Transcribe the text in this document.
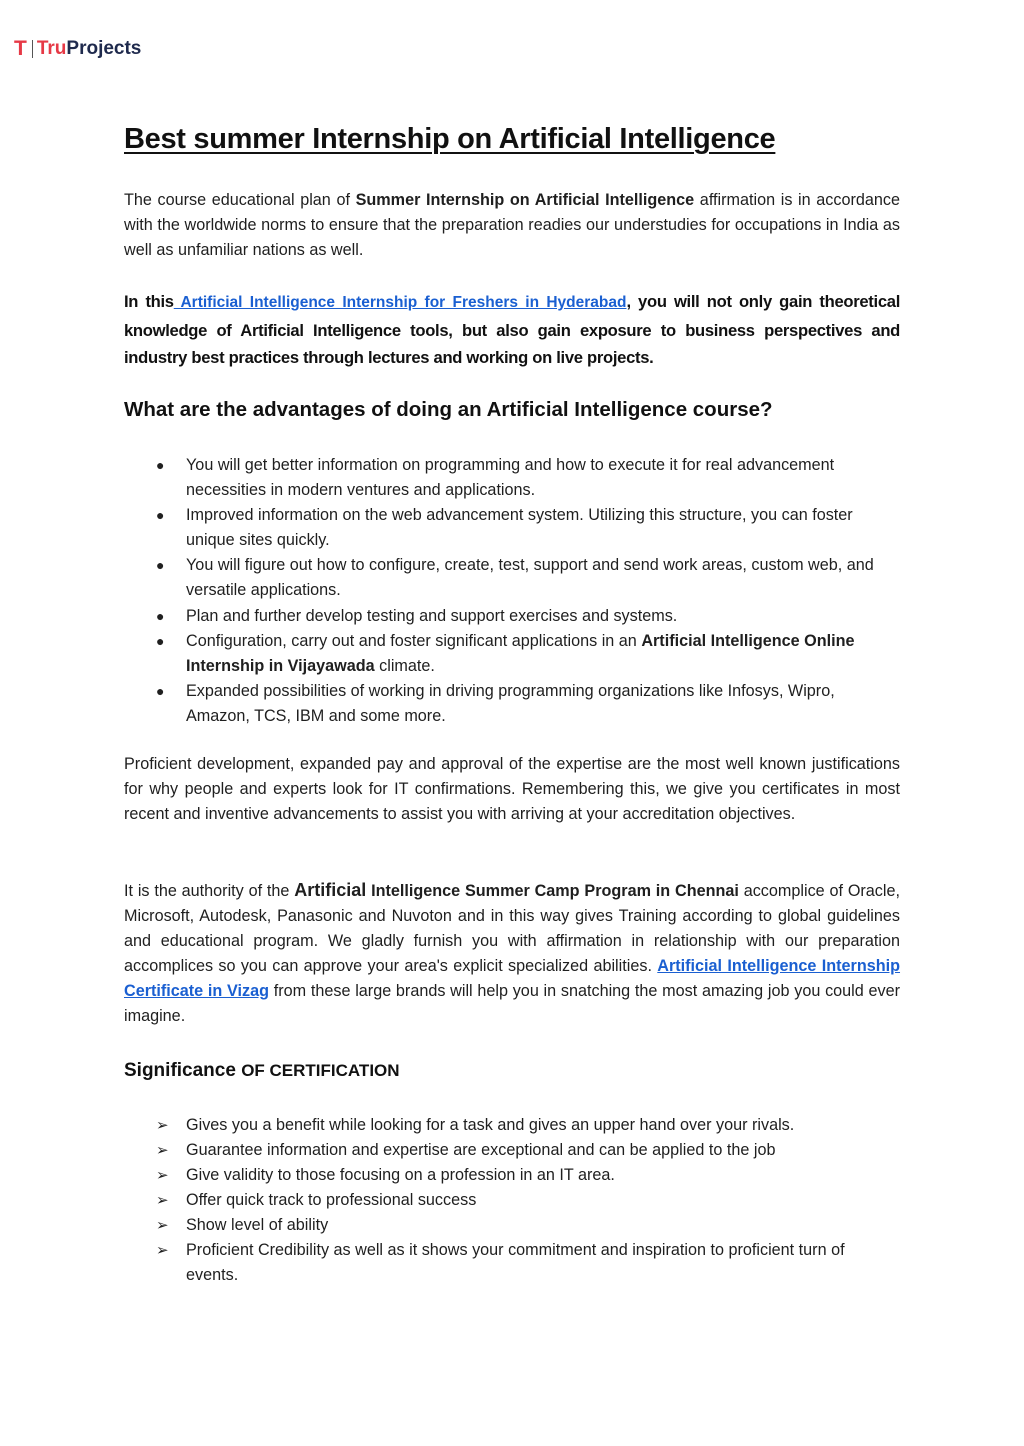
T TruProjects
Best summer Internship on Artificial Intelligence

The course educational plan of Summer Internship on Artificial Intelligence affirmation is in accordance with the worldwide norms to ensure that the preparation readies our understudies for occupations in India as well as unfamiliar nations as well.

In this Artificial Intelligence Internship for Freshers in Hyderabad, you will not only gain theoretical knowledge of Artificial Intelligence tools, but also gain exposure to business perspectives and industry best practices through lectures and working on live projects.

What are the advantages of doing an Artificial Intelligence course?
● You will get better information on programming and how to execute it for real advancement necessities in modern ventures and applications.
● Improved information on the web advancement system. Utilizing this structure, you can foster unique sites quickly.
● You will figure out how to configure, create, test, support and send work areas, custom web, and versatile applications.
● Plan and further develop testing and support exercises and systems.
● Configuration, carry out and foster significant applications in an Artificial Intelligence Online Internship in Vijayawada climate.
● Expanded possibilities of working in driving programming organizations like Infosys, Wipro, Amazon, TCS, IBM and some more.

Proficient development, expanded pay and approval of the expertise are the most well known justifications for why people and experts look for IT confirmations. Remembering this, we give you certificates in most recent and inventive advancements to assist you with arriving at your accreditation objectives.

It is the authority of the Artificial Intelligence Summer Camp Program in Chennai accomplice of Oracle, Microsoft, Autodesk, Panasonic and Nuvoton and in this way gives Training according to global guidelines and educational program. We gladly furnish you with affirmation in relationship with our preparation accomplices so you can approve your area's explicit specialized abilities. Artificial Intelligence Internship Certificate in Vizag from these large brands will help you in snatching the most amazing job you could ever imagine.

Significance OF CERTIFICATION
➢ Gives you a benefit while looking for a task and gives an upper hand over your rivals.
➢ Guarantee information and expertise are exceptional and can be applied to the job
➢ Give validity to those focusing on a profession in an IT area.
➢ Offer quick track to professional success
➢ Show level of ability
➢ Proficient Credibility as well as it shows your commitment and inspiration to proficient turn of events.
